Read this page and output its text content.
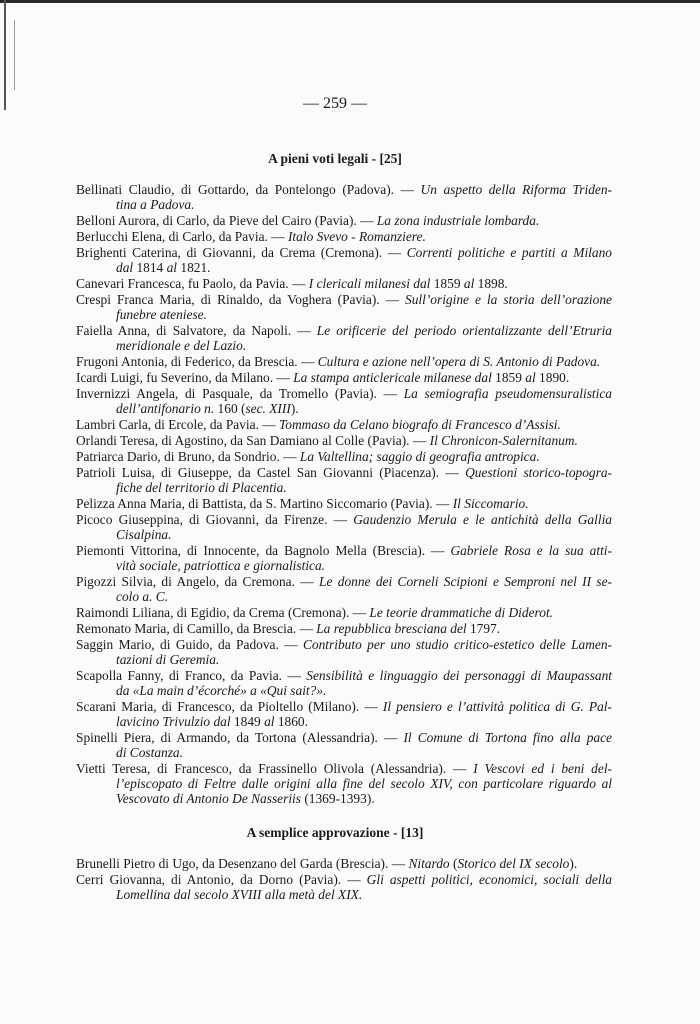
— 259 —
A pieni voti legali - [25]
Bellinati Claudio, di Gottardo, da Pontelongo (Padova). — Un aspetto della Riforma Triden-
tina a Padova.
Belloni Aurora, di Carlo, da Pieve del Cairo (Pavia). — La zona industriale lombarda.
Berlucchi Elena, di Carlo, da Pavia. — Italo Svevo - Romanziere.
Brighenti Caterina, di Giovanni, da Crema (Cremona). — Correnti politiche e partiti a Milano
dal 1814 al 1821.
Canevari Francesca, fu Paolo, da Pavia. — I clericali milanesi dal 1859 al 1898.
Crespi Franca Maria, di Rinaldo, da Voghera (Pavia). — Sull’origine e la storia dell’orazione
funebre ateniese.
Faiella Anna, di Salvatore, da Napoli. — Le orificerie del periodo orientalizzante dell’Etruria
meridionale e del Lazio.
Frugoni Antonia, di Federico, da Brescia. — Cultura e azione nell’opera di S. Antonio di Padova.
Icardi Luigi, fu Severino, da Milano. — La stampa anticlericale milanese dal 1859 al 1890.
Invernizzi Angela, di Pasquale, da Tromello (Pavia). — La semiografia pseudomensuralistica
dell’antifonario n. 160 (sec. XIII).
Lambri Carla, di Ercole, da Pavia. — Tommaso da Celano biografo di Francesco d’Assisi.
Orlandi Teresa, di Agostino, da San Damiano al Colle (Pavia). — Il Chronicon-Salernitanum.
Patriarca Dario, di Bruno, da Sondrio. — La Valtellina; saggio di geografia antropica.
Patrioli Luisa, di Giuseppe, da Castel San Giovanni (Piacenza). — Questioni storico-topogra-
fiche del territorio di Placentia.
Pelizza Anna Maria, di Battista, da S. Martino Siccomario (Pavia). — Il Siccomario.
Picoco Giuseppina, di Giovanni, da Firenze. — Gaudenzio Merula e le antichità della Gallia
Cisalpina.
Piemonti Vittorina, di Innocente, da Bagnolo Mella (Brescia). — Gabriele Rosa e la sua atti-
vità sociale, patriottica e giornalistica.
Pigozzi Silvia, di Angelo, da Cremona. — Le donne dei Corneli Scipioni e Semproni nel II se-
colo a. C.
Raimondi Liliana, di Egidio, da Crema (Cremona). — Le teorie drammatiche di Diderot.
Remonato Maria, di Camillo, da Brescia. — La repubblica bresciana del 1797.
Saggin Mario, di Guido, da Padova. — Contributo per uno studio critico-estetico delle Lamen-
tazioni di Geremia.
Scapolla Fanny, di Franco, da Pavia. — Sensibilità e linguaggio dei personaggi di Maupassant
da «La main d’écorché» a «Qui sait?».
Scarani Maria, di Francesco, da Pioltello (Milano). — Il pensiero e l’attività politica di G. Pal-
lavicino Trivulzio dal 1849 al 1860.
Spinelli Piera, di Armando, da Tortona (Alessandria). — Il Comune di Tortona fino alla pace
di Costanza.
Vietti Teresa, di Francesco, da Frassinello Olivola (Alessandria). — I Vescovi ed i beni del-
l’episcopato di Feltre dalle origini alla fine del secolo XIV, con particolare riguardo al
Vescovato di Antonio De Nasseriis (1369-1393).
A semplice approvazione - [13]
Brunelli Pietro di Ugo, da Desenzano del Garda (Brescia). — Nitardo (Storico del IX secolo).
Cerri Giovanna, di Antonio, da Dorno (Pavia). — Gli aspetti politici, economici, sociali della
Lomellina dal secolo XVIII alla metà del XIX.
